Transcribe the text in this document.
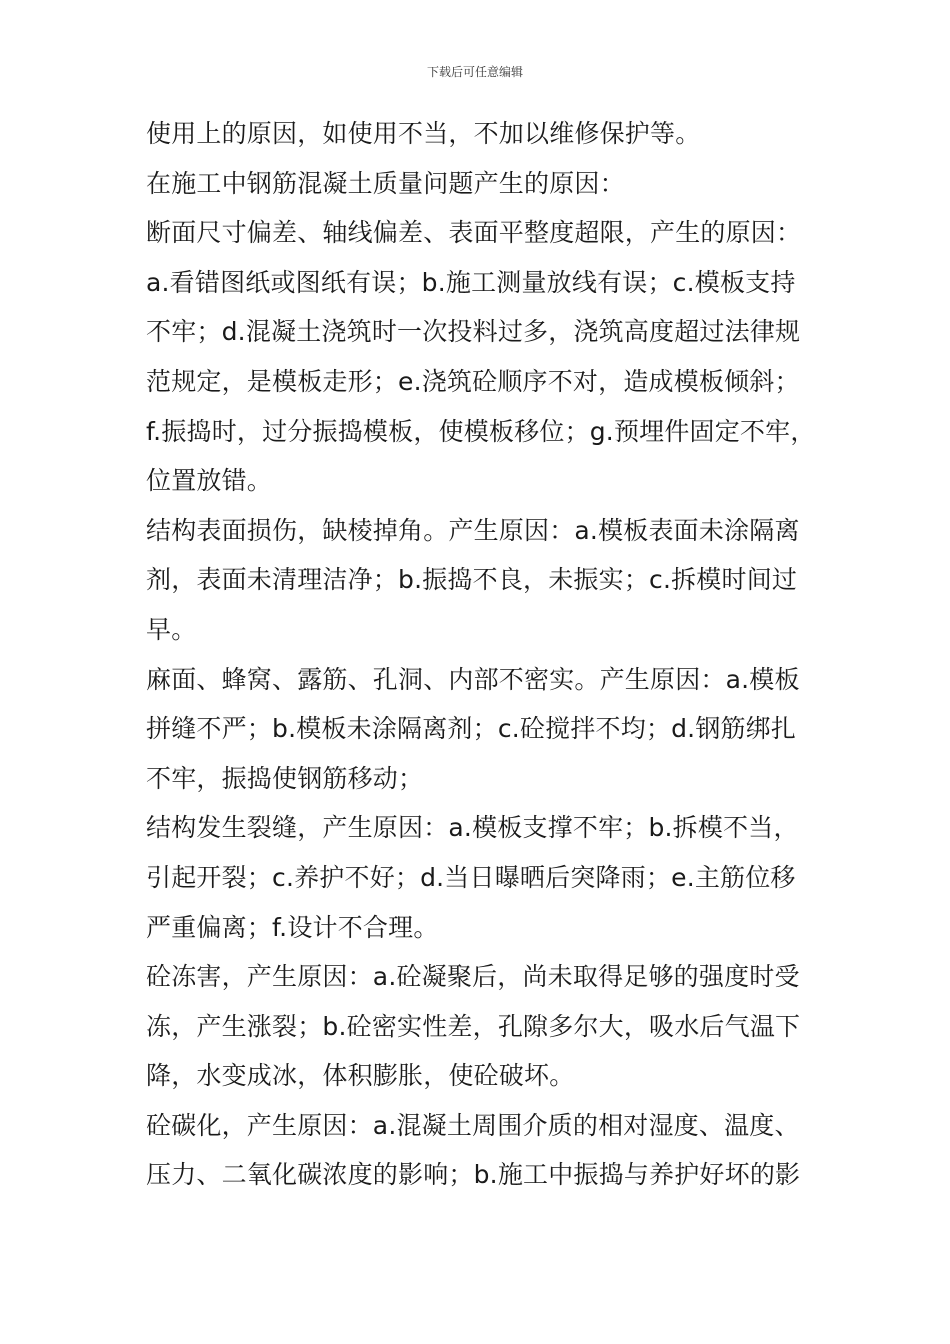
下载后可任意编辑
使用上的原因，如使用不当，不加以维修保护等。
在施工中钢筋混凝土质量问题产生的原因：
断面尺寸偏差、轴线偏差、表面平整度超限，产生的原因：
a.看错图纸或图纸有误；b.施工测量放线有误；c.模板支持
不牢；d.混凝土浇筑时一次投料过多，浇筑高度超过法律规
范规定，是模板走形；e.浇筑砼顺序不对，造成模板倾斜；
f.振捣时，过分振捣模板，使模板移位；g.预埋件固定不牢，
位置放错。
结构表面损伤，缺棱掉角。产生原因：a.模板表面未涂隔离
剂，表面未清理洁净；b.振捣不良，未振实；c.拆模时间过
早。
麻面、蜂窝、露筋、孔洞、内部不密实。产生原因：a.模板
拼缝不严；b.模板未涂隔离剂；c.砼搅拌不均；d.钢筋绑扎
不牢，振捣使钢筋移动；
结构发生裂缝，产生原因：a.模板支撑不牢；b.拆模不当，
引起开裂；c.养护不好；d.当日曝晒后突降雨；e.主筋位移
严重偏离；f.设计不合理。
砼冻害，产生原因：a.砼凝聚后，尚未取得足够的强度时受
冻，产生涨裂；b.砼密实性差，孔隙多尔大，吸水后气温下
降，水变成冰，体积膨胀，使砼破坏。
砼碳化，产生原因：a.混凝土周围介质的相对湿度、温度、
压力、二氧化碳浓度的影响；b.施工中振捣与养护好坏的影
